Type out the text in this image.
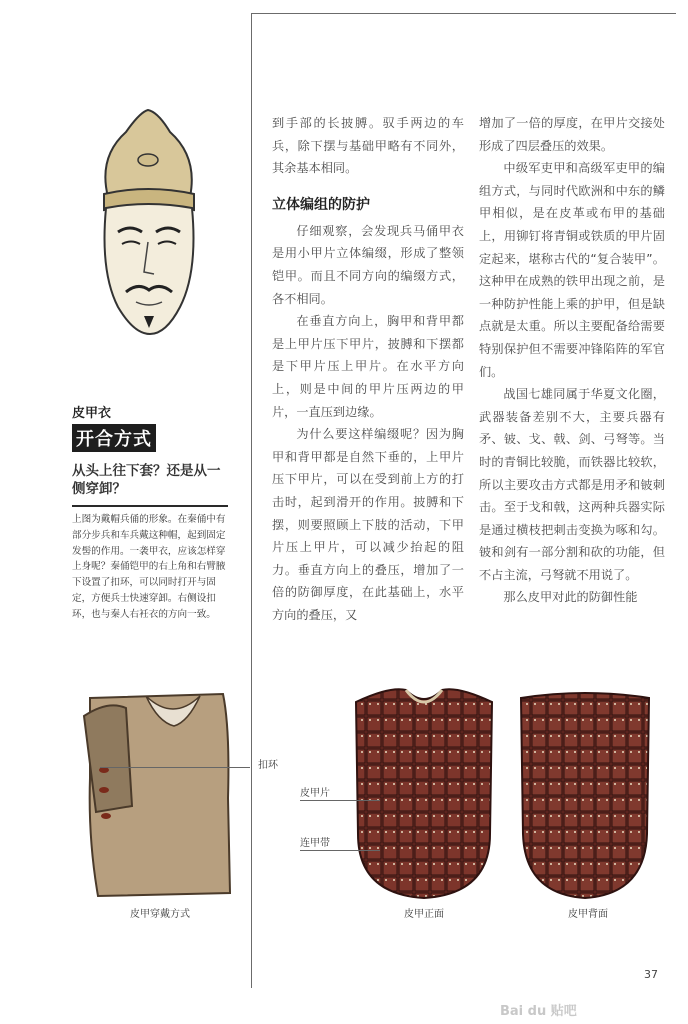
皮甲衣
开合方式
从头上往下套？还是从一侧穿卸？
上图为戴帽兵俑的形象。在秦俑中有部分步兵和车兵戴这种帽，起到固定发髻的作用。一袭甲衣，应该怎样穿上身呢？秦俑铠甲的右上角和右臂腋下设置了扣环，可以同时打开与固定，方便兵士快速穿卸。右侧设扣环，也与秦人右衽衣的方向一致。

到手部的长披膊。驭手两边的车兵，除下摆与基础甲略有不同外，其余基本相同。

立体编组的防护

仔细观察，会发现兵马俑甲衣是用小甲片立体编缀，形成了整领铠甲。而且不同方向的编缀方式，各不相同。

在垂直方向上，胸甲和背甲都是上甲片压下甲片，披膊和下摆都是下甲片压上甲片。在水平方向上，则是中间的甲片压两边的甲片，一直压到边缘。

为什么要这样编缀呢？因为胸甲和背甲都是自然下垂的，上甲片压下甲片，可以在受到前上方的打击时，起到滑开的作用。披膊和下摆，则要照顾上下肢的活动，下甲片压上甲片，可以减少抬起的阻力。垂直方向上的叠压，增加了一倍的防御厚度，在此基础上，水平方向的叠压，又

增加了一倍的厚度，在甲片交接处形成了四层叠压的效果。

中级军吏甲和高级军吏甲的编组方式，与同时代欧洲和中东的鳞甲相似，是在皮革或布甲的基础上，用铆钉将青铜或铁质的甲片固定起来，堪称古代的“复合装甲”。这种甲在成熟的铁甲出现之前，是一种防护性能上乘的护甲，但是缺点就是太重。所以主要配备给需要特别保护但不需要冲锋陷阵的军官们。

战国七雄同属于华夏文化圈，武器装备差别不大，主要兵器有矛、铍、戈、戟、剑、弓弩等。当时的青铜比较脆，而铁器比较软，所以主要攻击方式都是用矛和铍刺击。至于戈和戟，这两种兵器实际是通过横枝把刺击变换为啄和勾。铍和剑有一部分割和砍的功能，但不占主流，弓弩就不用说了。

那么皮甲对此的防御性能

扣环
皮甲片
连甲带
皮甲穿戴方式	皮甲正面	皮甲背面
37
Bai du 贴吧
